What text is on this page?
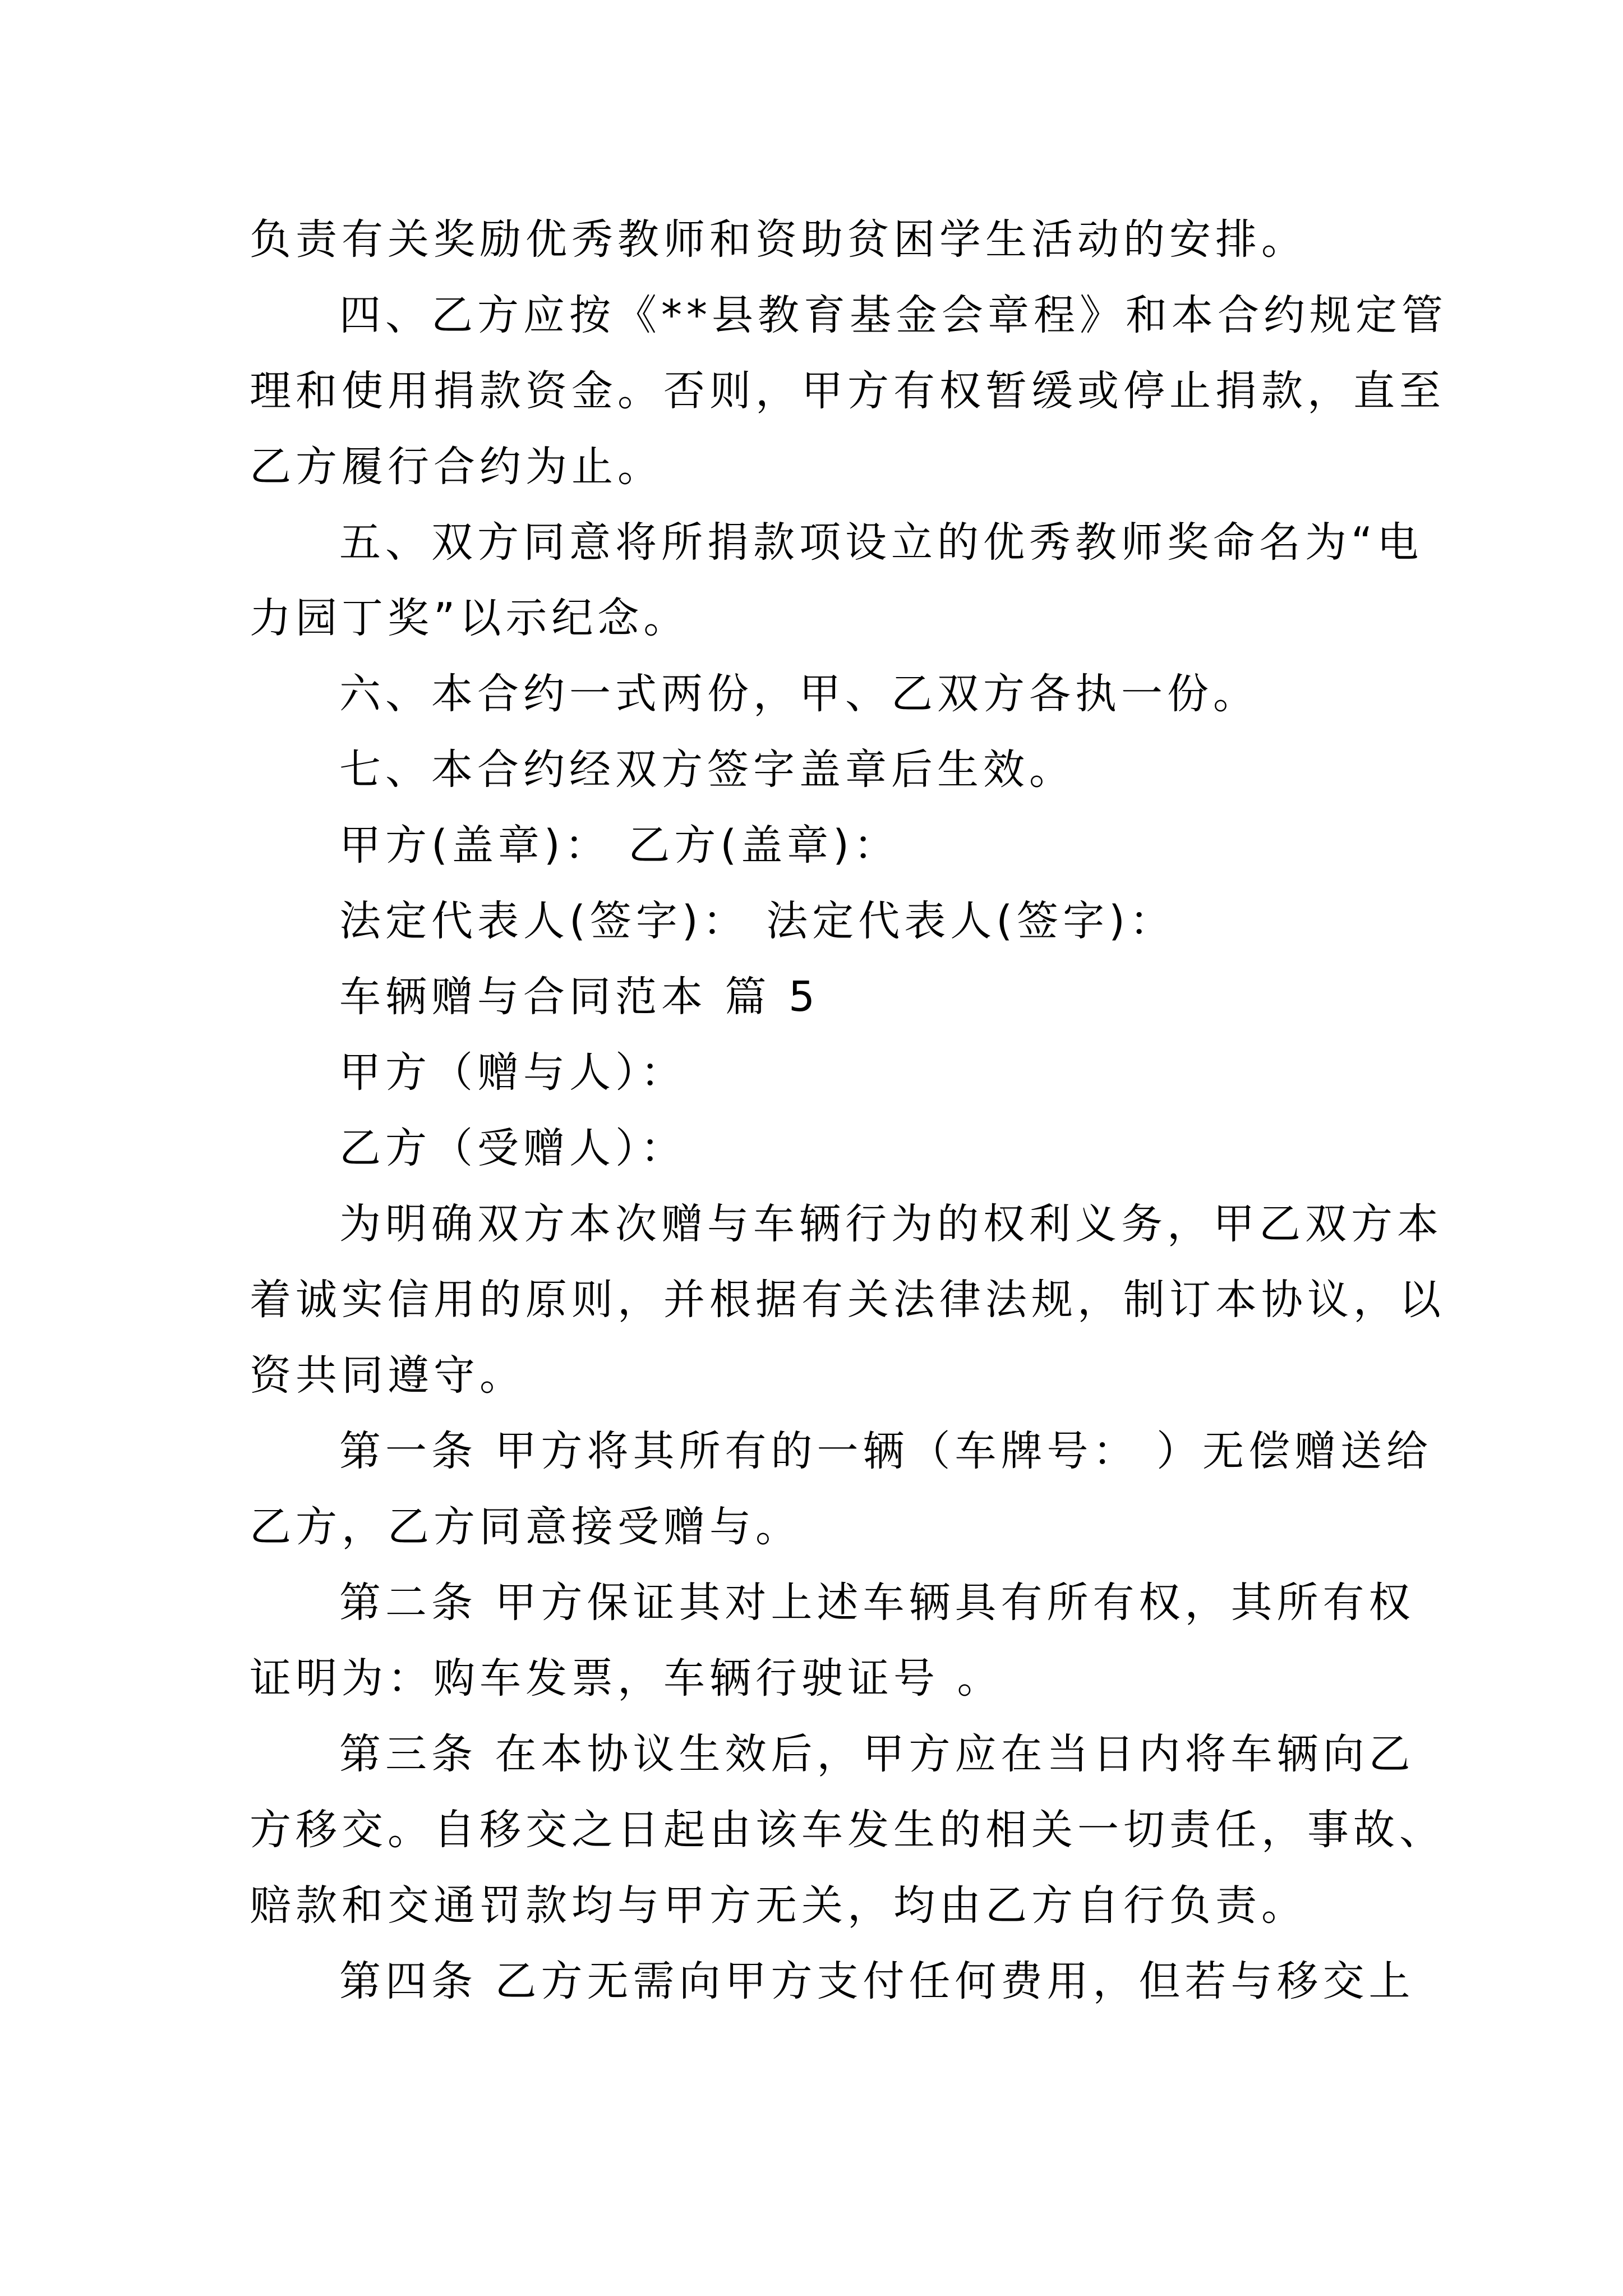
负责有关奖励优秀教师和资助贫困学生活动的安排。
四、乙方应按《**县教育基金会章程》和本合约规定管
理和使用捐款资金。否则，甲方有权暂缓或停止捐款，直至
乙方履行合约为止。
五、双方同意将所捐款项设立的优秀教师奖命名为“电
力园丁奖”以示纪念。
六、本合约一式两份，甲、乙双方各执一份。
七、本合约经双方签字盖章后生效。
甲方(盖章)： 乙方(盖章)：
法定代表人(签字)： 法定代表人(签字)：
车辆赠与合同范本 篇 5
甲方（赠与人）：
乙方（受赠人）：
为明确双方本次赠与车辆行为的权利义务，甲乙双方本
着诚实信用的原则，并根据有关法律法规，制订本协议，以
资共同遵守。
第一条 甲方将其所有的一辆（车牌号： ）无偿赠送给
乙方，乙方同意接受赠与。
第二条 甲方保证其对上述车辆具有所有权，其所有权
证明为：购车发票，车辆行驶证号 。
第三条 在本协议生效后，甲方应在当日内将车辆向乙
方移交。自移交之日起由该车发生的相关一切责任，事故、
赔款和交通罚款均与甲方无关，均由乙方自行负责。
第四条 乙方无需向甲方支付任何费用，但若与移交上
